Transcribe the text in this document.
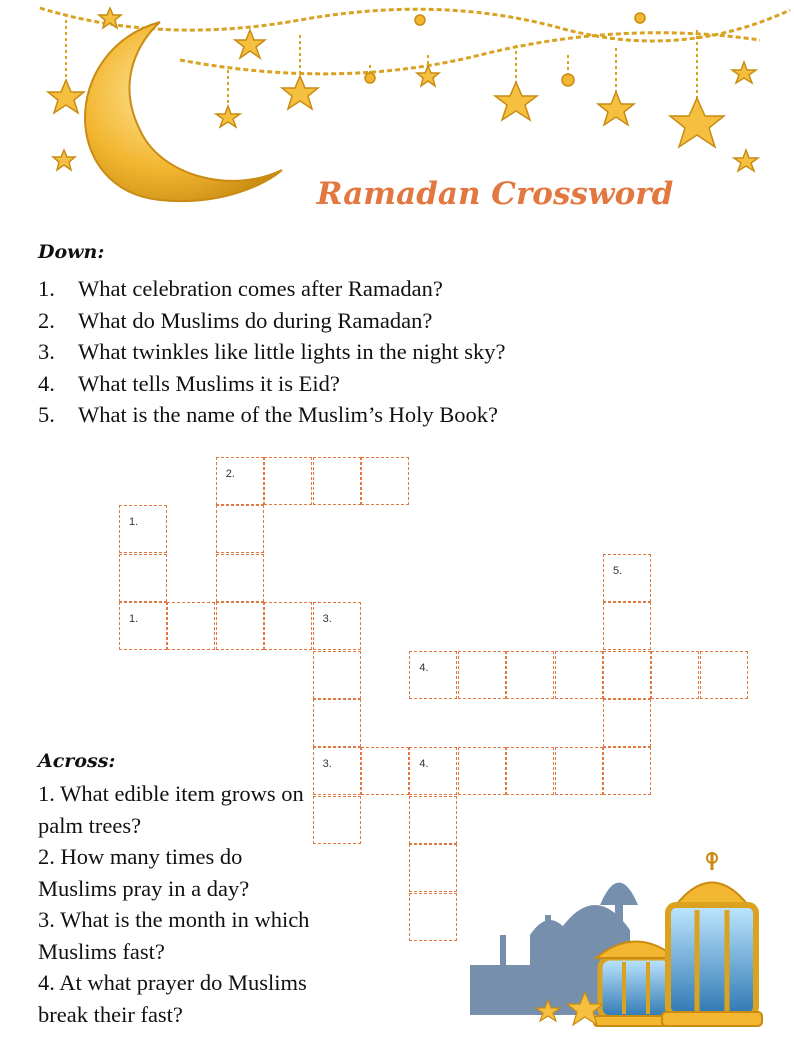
Ramadan Crossword
Down:
1. What celebration comes after Ramadan?
2. What do Muslims do during Ramadan?
3. What twinkles like little lights in the night sky?
4. What tells Muslims it is Eid?
5. What is the name of the Muslim’s Holy Book?
Across:
1. What edible item grows on palm trees?
2. How many times do Muslims pray in a day?
3. What is the month in which Muslims fast?
4. At what prayer do Muslims break their fast?
2.
1.
5.
1.	3.
4.
3.	4.
